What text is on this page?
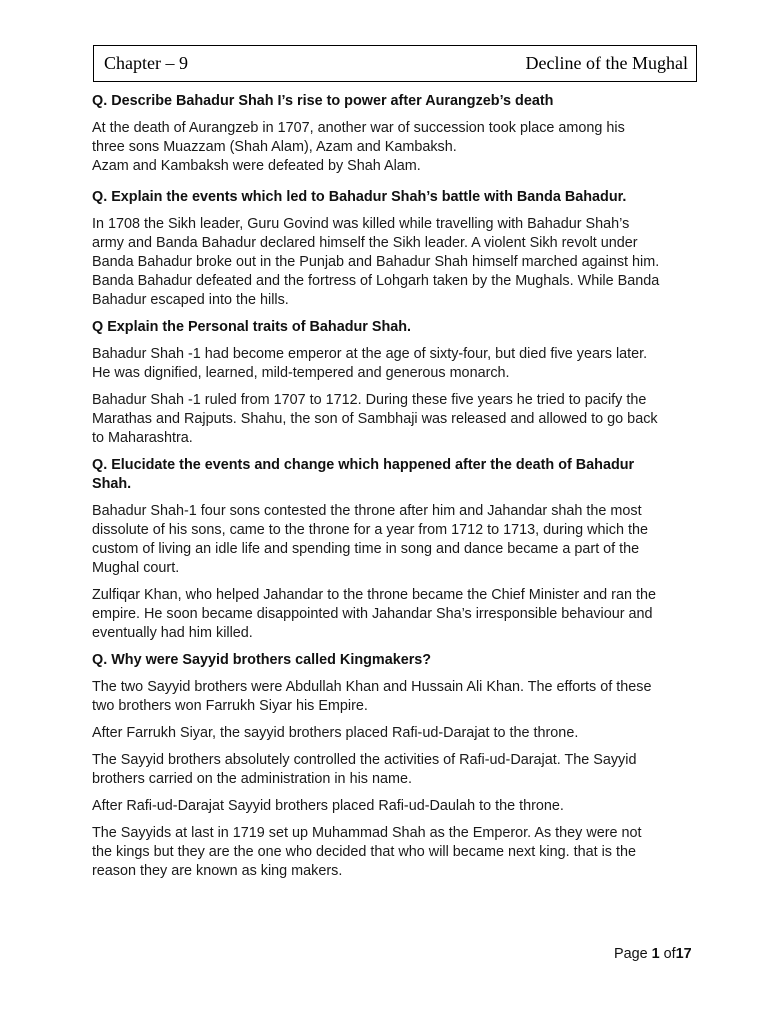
Chapter – 9	Decline of the Mughal
Q. Describe Bahadur Shah I’s rise to power after Aurangzeb’s death
At the death of Aurangzeb in 1707, another war of succession took place among his
three sons Muazzam (Shah Alam), Azam and Kambaksh.
Azam and Kambaksh were defeated by Shah Alam.
Q. Explain the events which led to Bahadur Shah’s battle with Banda Bahadur.
In 1708 the Sikh leader, Guru Govind was killed while travelling with Bahadur Shah’s
army and Banda Bahadur declared himself the Sikh leader. A violent Sikh revolt under
Banda Bahadur broke out in the Punjab and Bahadur Shah himself marched against him.
Banda Bahadur defeated and the fortress of Lohgarh taken by the Mughals. While Banda
Bahadur escaped into the hills.
Q Explain the Personal traits of Bahadur Shah.
Bahadur Shah -1 had become emperor at the age of sixty-four, but died five years later.
He was dignified, learned, mild-tempered and generous monarch.
Bahadur Shah -1 ruled from 1707 to 1712. During these five years he tried to pacify the
Marathas and Rajputs. Shahu, the son of Sambhaji was released and allowed to go back
to Maharashtra.
Q. Elucidate the events and change which happened after the death of Bahadur
Shah.
Bahadur Shah-1 four sons contested the throne after him and Jahandar shah the most
dissolute of his sons, came to the throne for a year from 1712 to 1713, during which the
custom of living an idle life and spending time in song and dance became a part of the
Mughal court.
Zulfiqar Khan, who helped Jahandar to the throne became the Chief Minister and ran the
empire. He soon became disappointed with Jahandar Sha’s irresponsible behaviour and
eventually had him killed.
Q. Why were Sayyid brothers called Kingmakers?
The two Sayyid brothers were Abdullah Khan and Hussain Ali Khan. The efforts of these
two brothers won Farrukh Siyar his Empire.
After Farrukh Siyar, the sayyid brothers placed Rafi-ud-Darajat to the throne.
The Sayyid brothers absolutely controlled the activities of Rafi-ud-Darajat. The Sayyid
brothers carried on the administration in his name.
After Rafi-ud-Darajat Sayyid brothers placed Rafi-ud-Daulah to the throne.
The Sayyids at last in 1719 set up Muhammad Shah as the Emperor. As they were not
the kings but they are the one who decided that who will became next king. that is the
reason they are known as king makers.
Page 1 of17
